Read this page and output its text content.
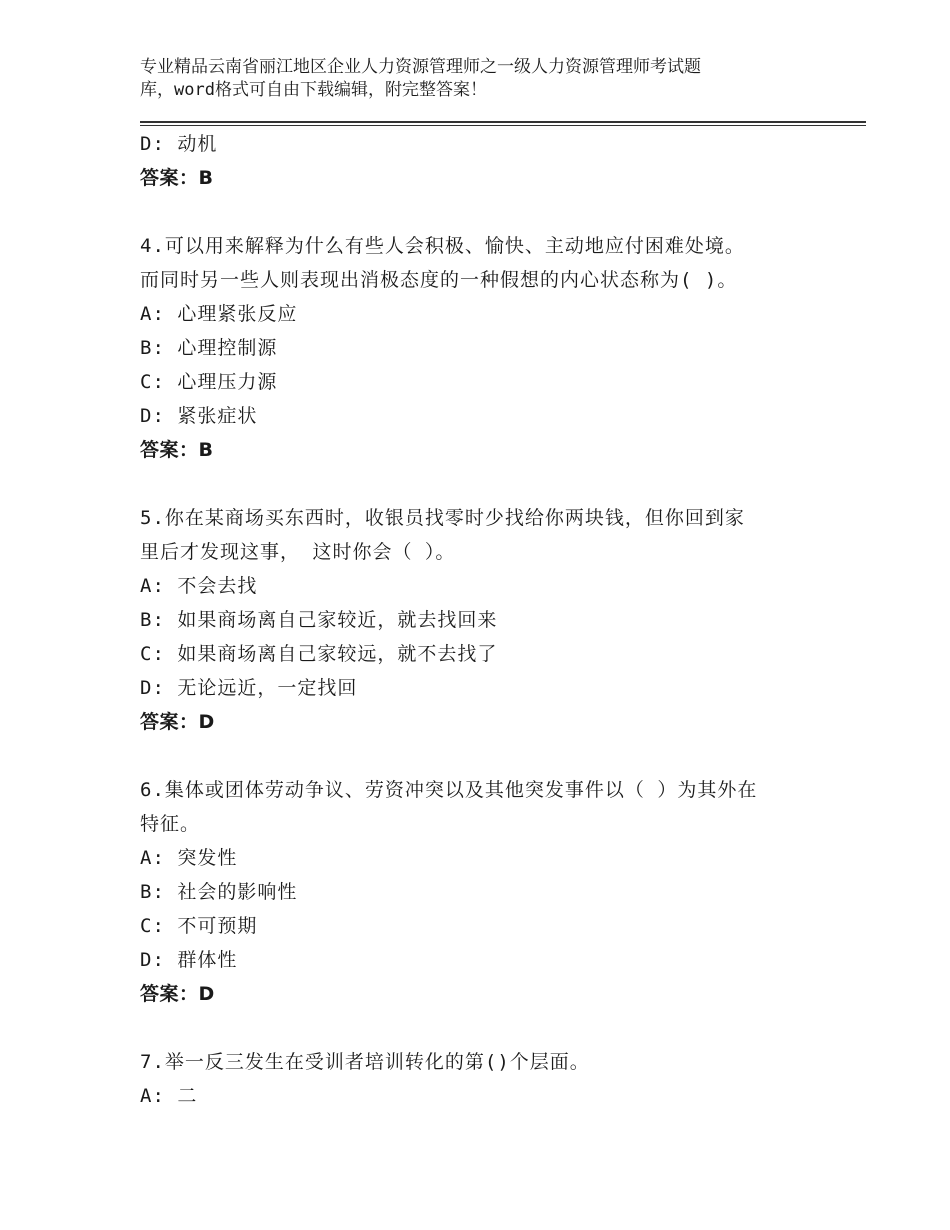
专业精品云南省丽江地区企业人力资源管理师之一级人力资源管理师考试题
库，word格式可自由下载编辑，附完整答案！
D: 动机
答案：B
4.可以用来解释为什么有些人会积极、愉快、主动地应付困难处境。
而同时另一些人则表现出消极态度的一种假想的内心状态称为( )。
A: 心理紧张反应
B: 心理控制源
C: 心理压力源
D: 紧张症状
答案：B
5.你在某商场买东西时，收银员找零时少找给你两块钱，但你回到家
里后才发现这事， 这时你会（ ）。
A: 不会去找
B: 如果商场离自己家较近，就去找回来
C: 如果商场离自己家较远，就不去找了
D: 无论远近，一定找回
答案：D
6.集体或团体劳动争议、劳资冲突以及其他突发事件以（ ）为其外在
特征。
A: 突发性
B: 社会的影响性
C: 不可预期
D: 群体性
答案：D
7.举一反三发生在受训者培训转化的第()个层面。
A: 二
